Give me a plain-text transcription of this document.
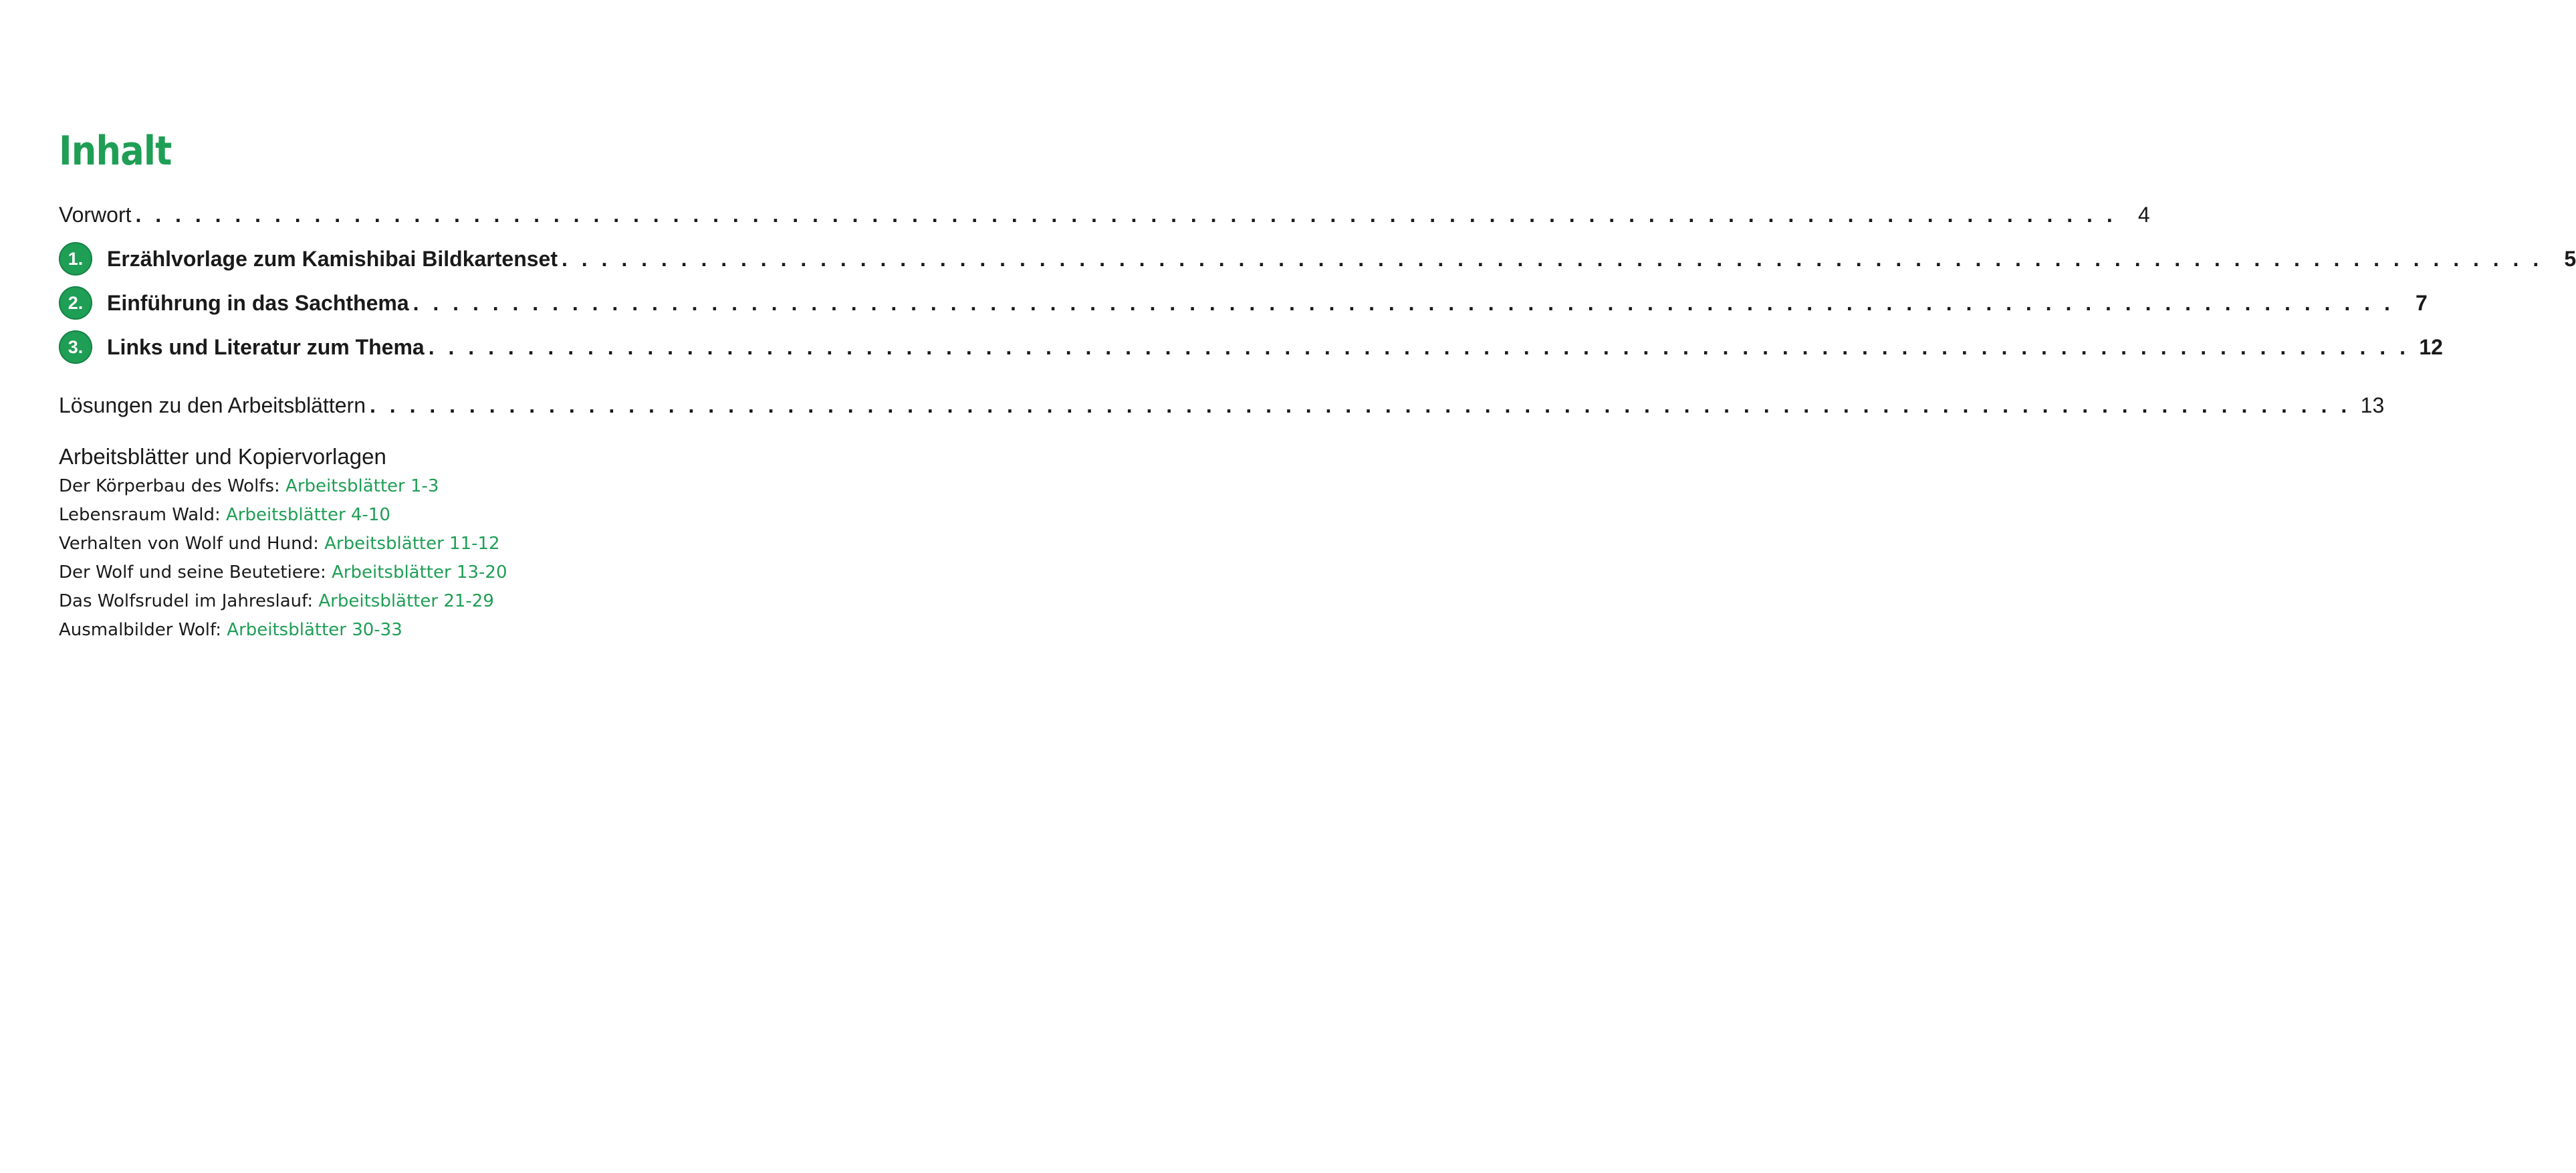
Inhalt
Vorwort . . . . . . . . . . . . . . . . . . . . . . . . . . . . . . . . . . . . . . . . . . . . . . . . . . . . . . . . . . . . . . . . . . . . . . . . . . . . . . . . . . . . . . . . . . . . . . . . . . . .	4
1.	Erzählvorlage zum Kamishibai Bildkartenset . . . . . . . . . . . . . . . . . . . . . . . . . . . . . . . . . . . . . . . . . . . . . . . . . . . . . . . . . . . . . . . . . . . . . . . . . . . . . . . . . . . . . . . . . . . . . . . . . . . .	5
2.	Einführung in das Sachthema . . . . . . . . . . . . . . . . . . . . . . . . . . . . . . . . . . . . . . . . . . . . . . . . . . . . . . . . . . . . . . . . . . . . . . . . . . . . . . . . . . . . . . . . . . . . . . . . . . . .	7
3.	Links und Literatur zum Thema . . . . . . . . . . . . . . . . . . . . . . . . . . . . . . . . . . . . . . . . . . . . . . . . . . . . . . . . . . . . . . . . . . . . . . . . . . . . . . . . . . . . . . . . . . . . . . . . . . . . 12
Lösungen zu den Arbeitsblättern . . . . . . . . . . . . . . . . . . . . . . . . . . . . . . . . . . . . . . . . . . . . . . . . . . . . . . . . . . . . . . . . . . . . . . . . . . . . . . . . . . . . . . . . . . . . . . . . . . . . 13
Arbeitsblätter und Kopiervorlagen
Der Körperbau des Wolfs: Arbeitsblätter 1-3
Lebensraum Wald: Arbeitsblätter 4-10
Verhalten von Wolf und Hund: Arbeitsblätter 11-12
Der Wolf und seine Beutetiere: Arbeitsblätter 13-20
Das Wolfsrudel im Jahreslauf: Arbeitsblätter 21-29
Ausmalbilder Wolf: Arbeitsblätter 30-33
